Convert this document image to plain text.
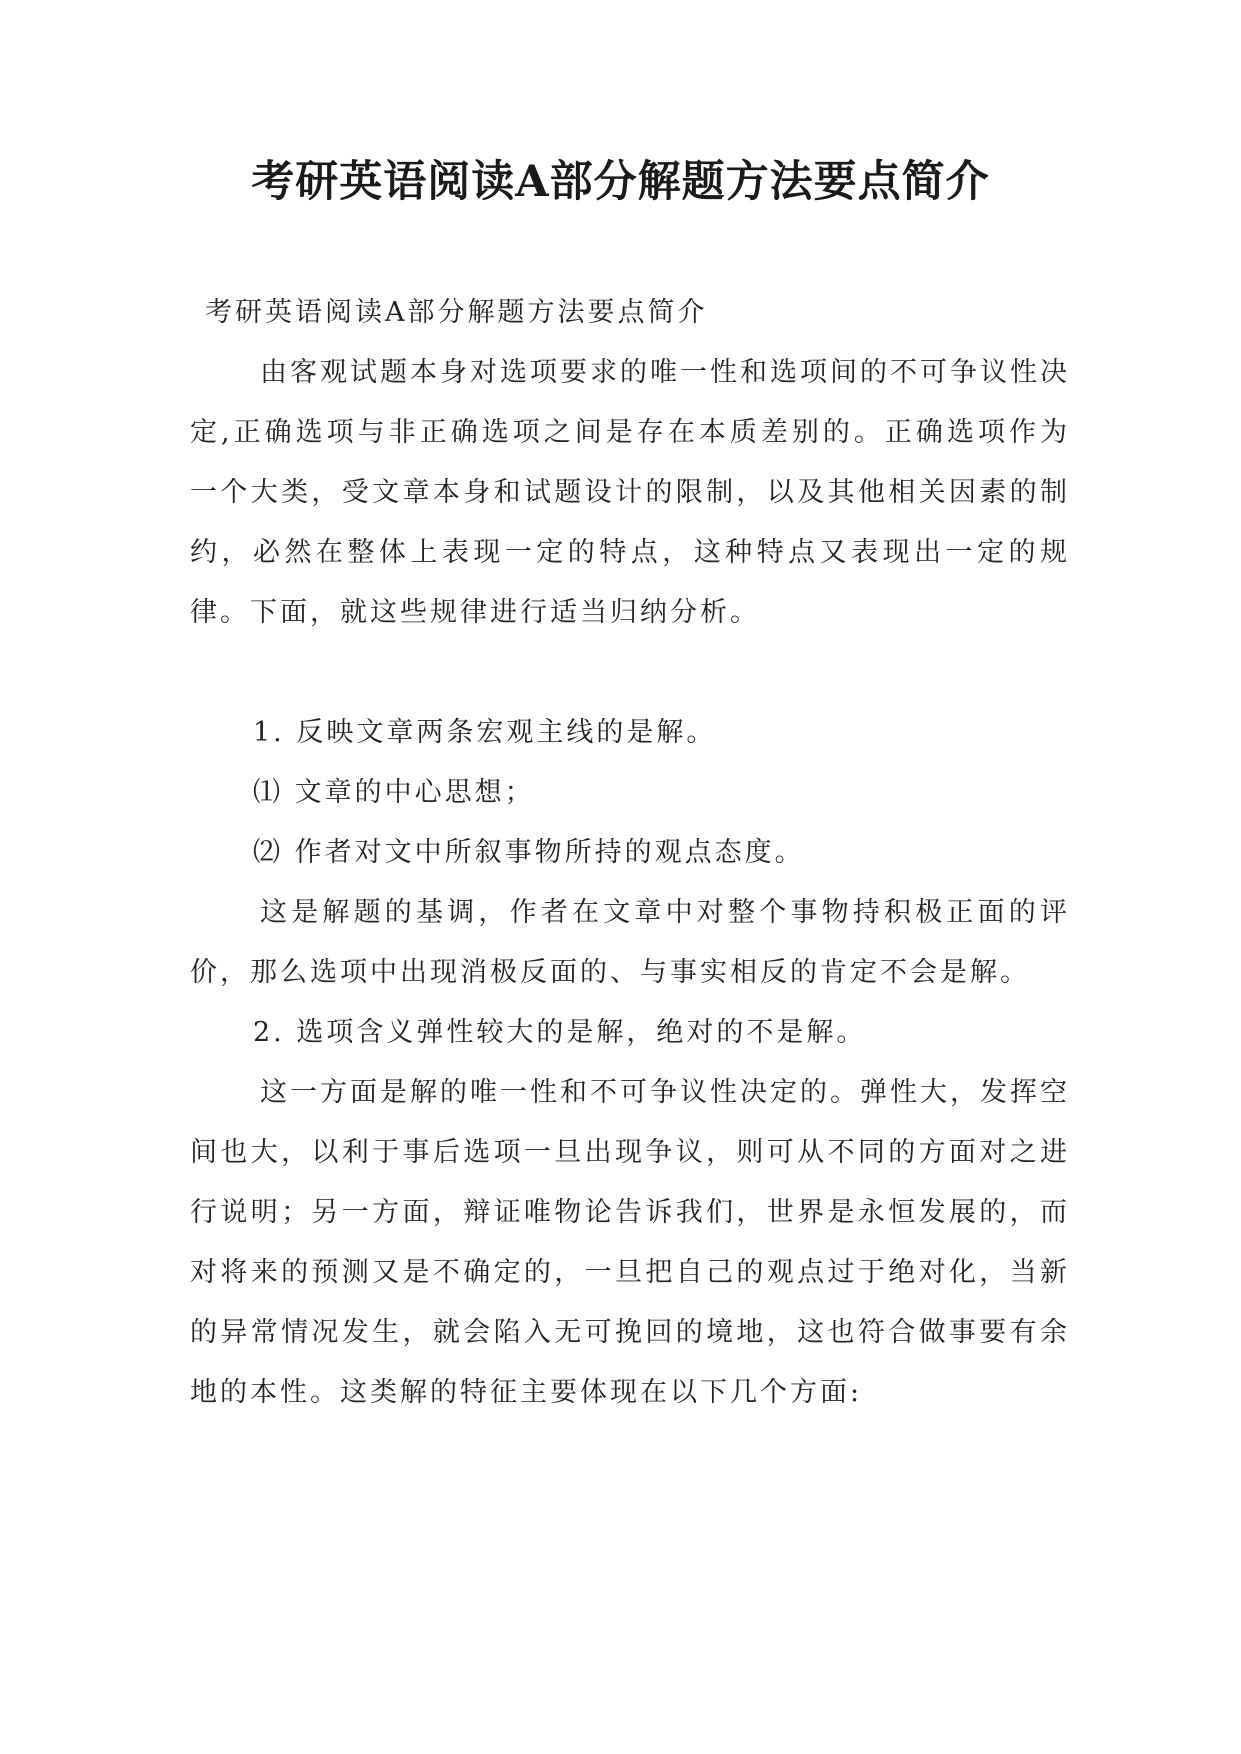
考研英语阅读A部分解题方法要点简介

考研英语阅读A部分解题方法要点简介

由客观试题本身对选项要求的唯一性和选项间的不可争议性决定,正确选项与非正确选项之间是存在本质差别的。正确选项作为一个大类，受文章本身和试题设计的限制，以及其他相关因素的制约，必然在整体上表现一定的特点，这种特点又表现出一定的规律。下面，就这些规律进行适当归纳分析。

1. 反映文章两条宏观主线的是解。

⑴ 文章的中心思想；

⑵ 作者对文中所叙事物所持的观点态度。

这是解题的基调，作者在文章中对整个事物持积极正面的评价，那么选项中出现消极反面的、与事实相反的肯定不会是解。

2. 选项含义弹性较大的是解，绝对的不是解。

这一方面是解的唯一性和不可争议性决定的。弹性大，发挥空间也大，以利于事后选项一旦出现争议，则可从不同的方面对之进行说明；另一方面，辩证唯物论告诉我们，世界是永恒发展的，而对将来的预测又是不确定的，一旦把自己的观点过于绝对化，当新的异常情况发生，就会陷入无可挽回的境地，这也符合做事要有余地的本性。这类解的特征主要体现在以下几个方面:
